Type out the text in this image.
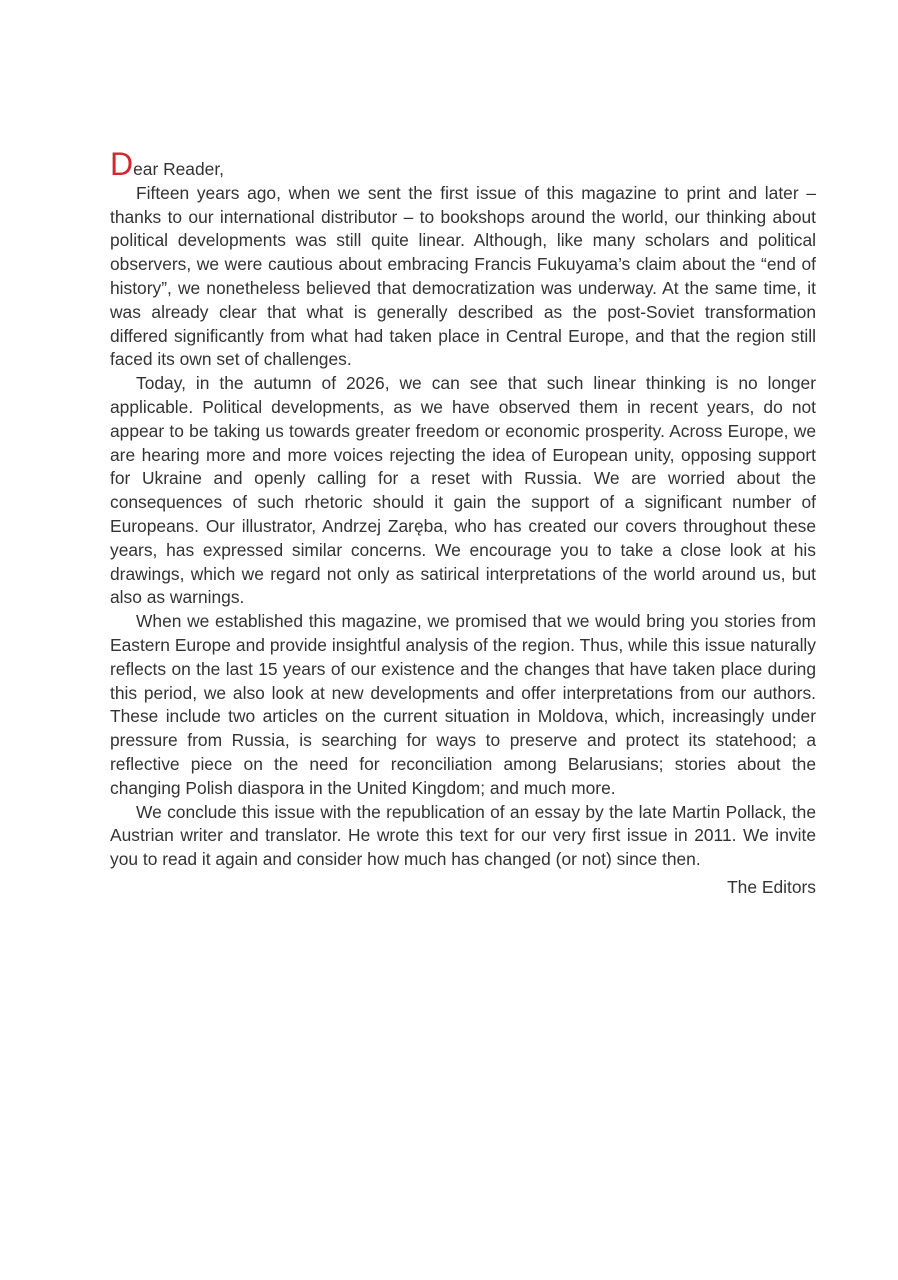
Dear Reader,

Fifteen years ago, when we sent the first issue of this magazine to print and later – thanks to our international distributor – to bookshops around the world, our thinking about political developments was still quite linear. Although, like many scholars and political observers, we were cautious about embracing Francis Fukuyama’s claim about the “end of history”, we nonetheless believed that democratization was underway. At the same time, it was already clear that what is generally described as the post-Soviet transformation differed significantly from what had taken place in Central Europe, and that the region still faced its own set of challenges.

Today, in the autumn of 2026, we can see that such linear thinking is no longer applicable. Political developments, as we have observed them in recent years, do not appear to be taking us towards greater freedom or economic prosperity. Across Europe, we are hearing more and more voices rejecting the idea of European unity, opposing support for Ukraine and openly calling for a reset with Russia. We are worried about the consequences of such rhetoric should it gain the support of a significant number of Europeans. Our illustrator, Andrzej Zaręba, who has created our covers throughout these years, has expressed similar concerns. We encourage you to take a close look at his drawings, which we regard not only as satirical interpretations of the world around us, but also as warnings.

When we established this magazine, we promised that we would bring you stories from Eastern Europe and provide insightful analysis of the region. Thus, while this issue naturally reflects on the last 15 years of our existence and the changes that have taken place during this period, we also look at new developments and offer interpretations from our authors. These include two articles on the current situation in Moldova, which, increasingly under pressure from Russia, is searching for ways to preserve and protect its statehood; a reflective piece on the need for reconciliation among Belarusians; stories about the changing Polish diaspora in the United Kingdom; and much more.

We conclude this issue with the republication of an essay by the late Martin Pollack, the Austrian writer and translator. He wrote this text for our very first issue in 2011. We invite you to read it again and consider how much has changed (or not) since then.

The Editors
